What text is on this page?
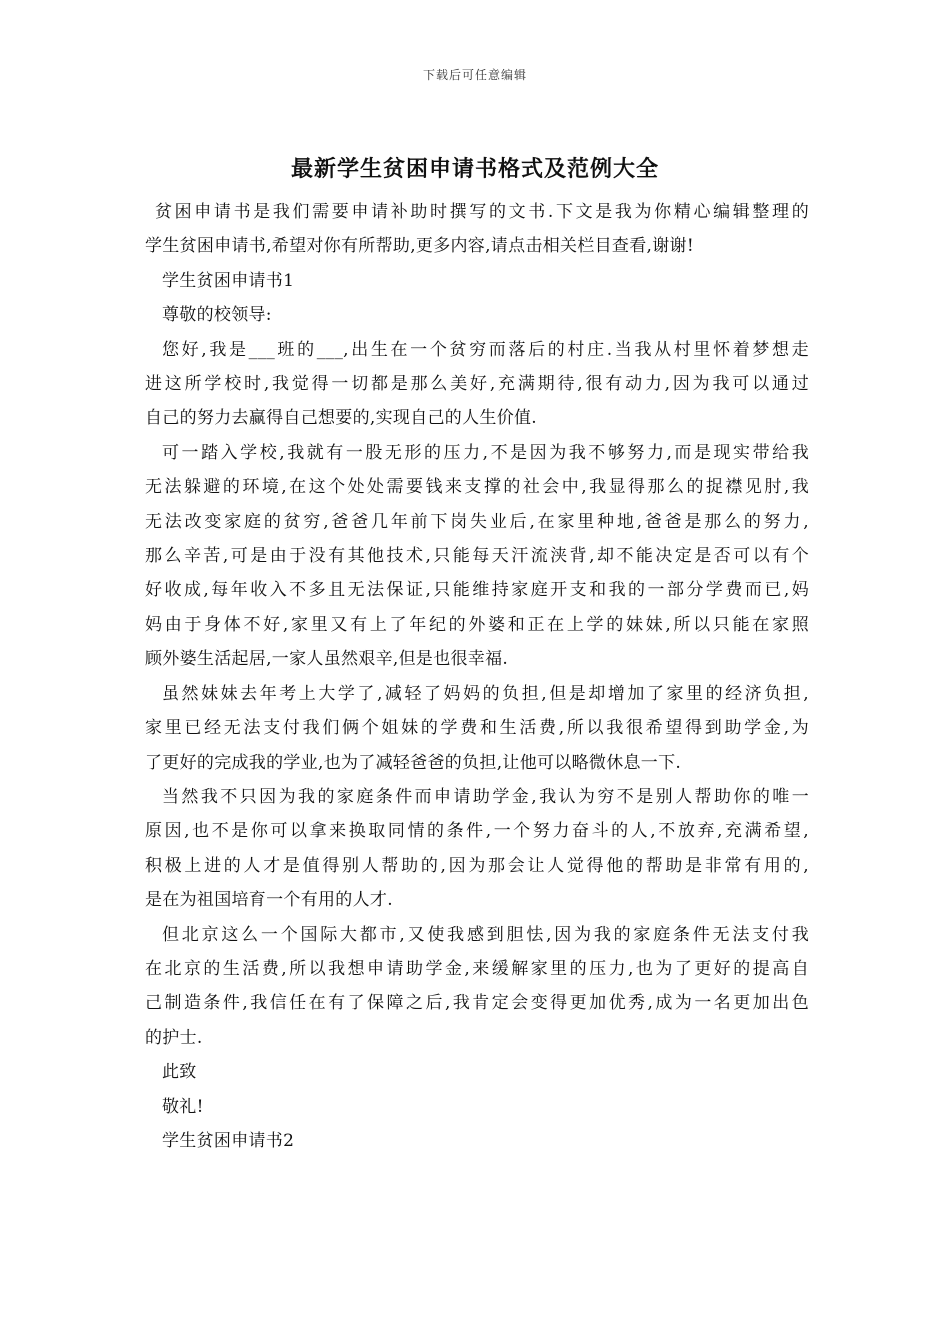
下载后可任意编辑
最新学生贫困申请书格式及范例大全
贫困申请书是我们需要申请补助时撰写的文书.下文是我为你精心编辑整理的
学生贫困申请书,希望对你有所帮助,更多内容,请点击相关栏目查看,谢谢!
学生贫困申请书1
尊敬的校领导:
您好,我是___班的___,出生在一个贫穷而落后的村庄.当我从村里怀着梦想走
进这所学校时,我觉得一切都是那么美好,充满期待,很有动力,因为我可以通过
自己的努力去赢得自己想要的,实现自己的人生价值.
可一踏入学校,我就有一股无形的压力,不是因为我不够努力,而是现实带给我
无法躲避的环境,在这个处处需要钱来支撑的社会中,我显得那么的捉襟见肘,我
无法改变家庭的贫穷,爸爸几年前下岗失业后,在家里种地,爸爸是那么的努力,
那么辛苦,可是由于没有其他技术,只能每天汗流浃背,却不能决定是否可以有个
好收成,每年收入不多且无法保证,只能维持家庭开支和我的一部分学费而已,妈
妈由于身体不好,家里又有上了年纪的外婆和正在上学的妹妹,所以只能在家照
顾外婆生活起居,一家人虽然艰辛,但是也很幸福.
虽然妹妹去年考上大学了,减轻了妈妈的负担,但是却增加了家里的经济负担,
家里已经无法支付我们俩个姐妹的学费和生活费,所以我很希望得到助学金,为
了更好的完成我的学业,也为了减轻爸爸的负担,让他可以略微休息一下.
当然我不只因为我的家庭条件而申请助学金,我认为穷不是别人帮助你的唯一
原因,也不是你可以拿来换取同情的条件,一个努力奋斗的人,不放弃,充满希望,
积极上进的人才是值得别人帮助的,因为那会让人觉得他的帮助是非常有用的,
是在为祖国培育一个有用的人才.
但北京这么一个国际大都市,又使我感到胆怯,因为我的家庭条件无法支付我
在北京的生活费,所以我想申请助学金,来缓解家里的压力,也为了更好的提高自
己制造条件,我信任在有了保障之后,我肯定会变得更加优秀,成为一名更加出色
的护士.
此致
敬礼!
学生贫困申请书2
